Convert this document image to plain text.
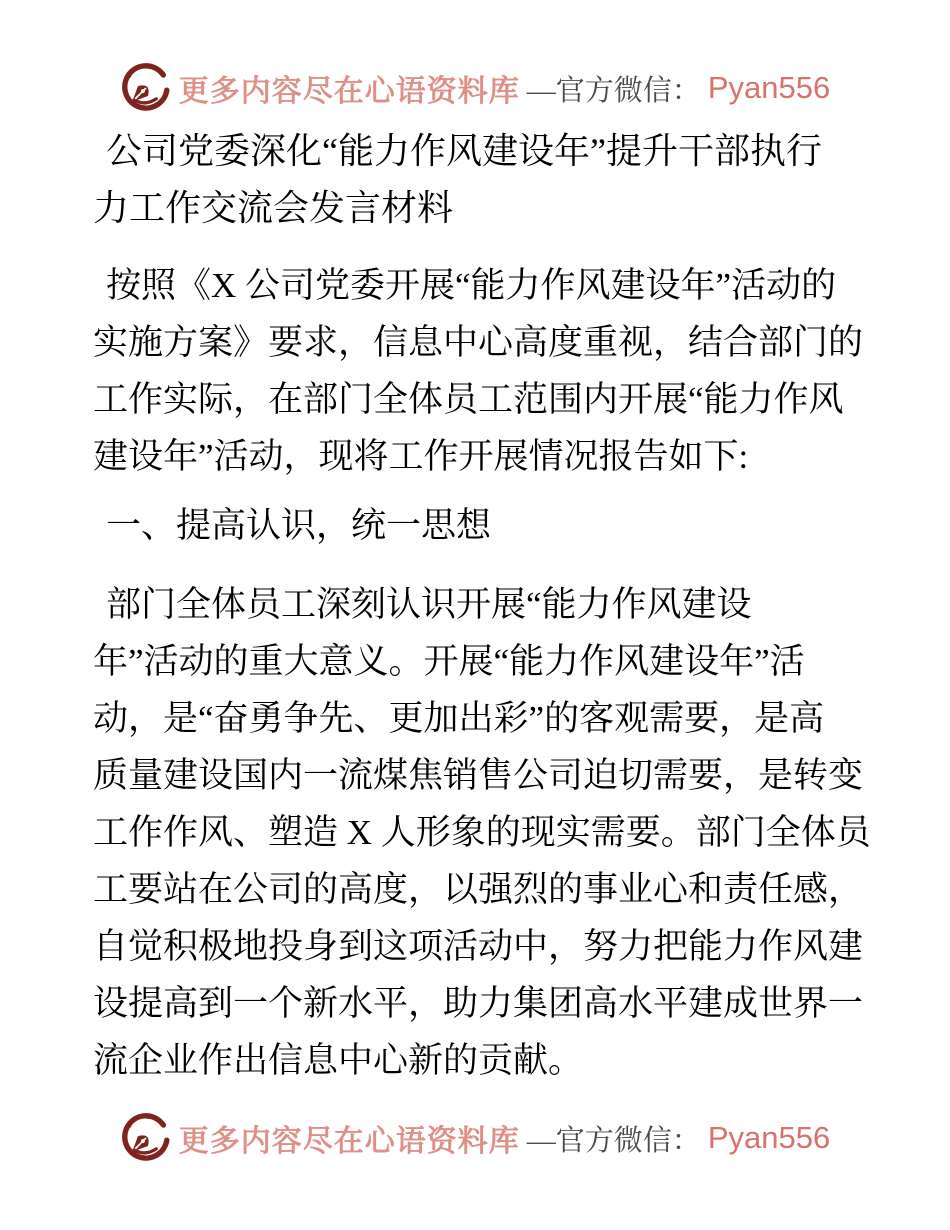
更多内容尽在心语资料库 —官方微信： Pyan556
公司党委深化“能力作风建设年”提升干部执行
力工作交流会发言材料
按照《X 公司党委开展“能力作风建设年”活动的
实施方案》要求，信息中心高度重视，结合部门的
工作实际，在部门全体员工范围内开展“能力作风
建设年”活动，现将工作开展情况报告如下:
一、提高认识，统一思想
部门全体员工深刻认识开展“能力作风建设
年”活动的重大意义。开展“能力作风建设年”活
动，是“奋勇争先、更加出彩”的客观需要，是高
质量建设国内一流煤焦销售公司迫切需要，是转变
工作作风、塑造 X 人形象的现实需要。部门全体员
工要站在公司的高度，以强烈的事业心和责任感，
自觉积极地投身到这项活动中，努力把能力作风建
设提高到一个新水平，助力集团高水平建成世界一
流企业作出信息中心新的贡献。
更多内容尽在心语资料库 —官方微信： Pyan556
